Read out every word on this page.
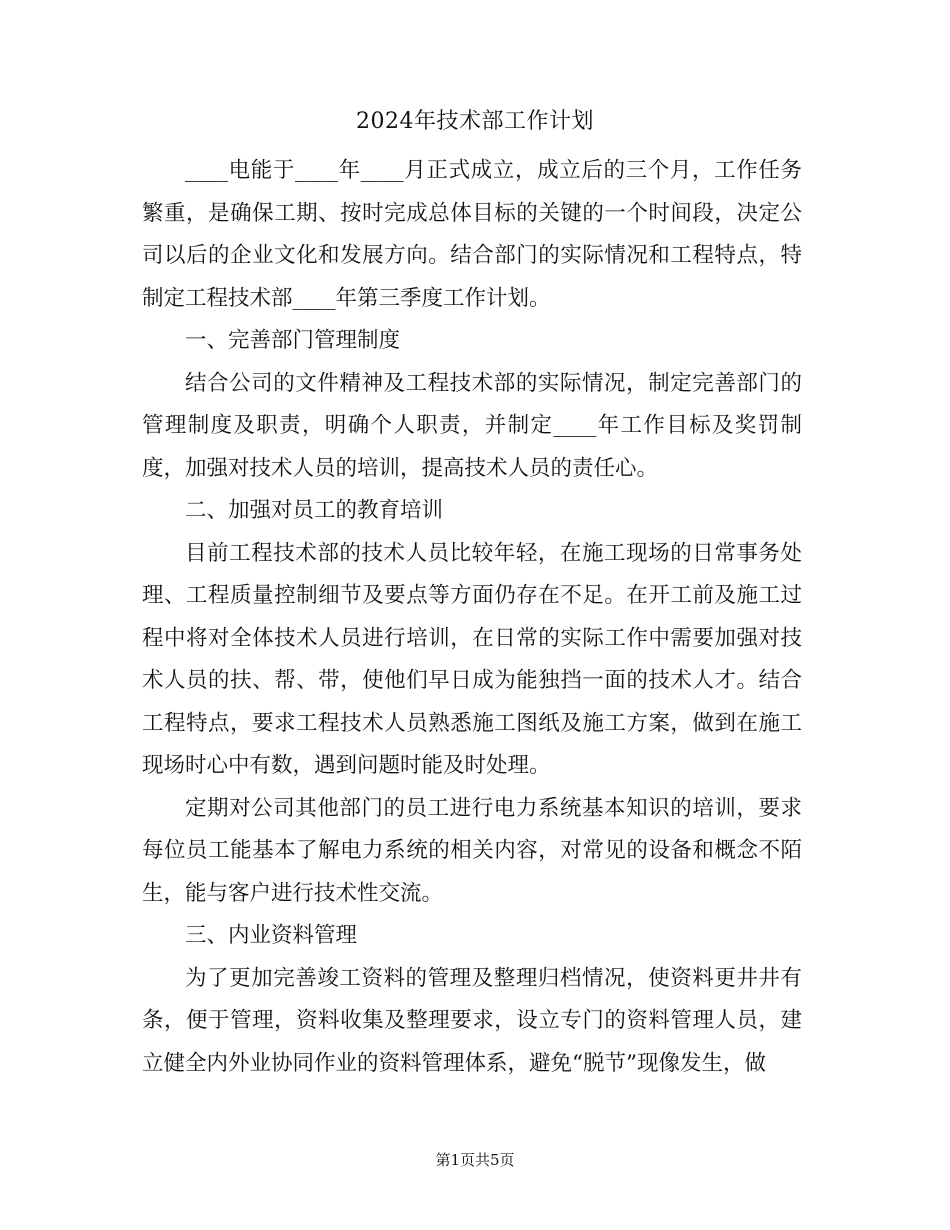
2024年技术部工作计划

____电能于____年____月正式成立，成立后的三个月，工作任务繁重，是确保工期、按时完成总体目标的关键的一个时间段，决定公司以后的企业文化和发展方向。结合部门的实际情况和工程特点，特制定工程技术部____年第三季度工作计划。

一、完善部门管理制度

结合公司的文件精神及工程技术部的实际情况，制定完善部门的管理制度及职责，明确个人职责，并制定____年工作目标及奖罚制度，加强对技术人员的培训，提高技术人员的责任心。

二、加强对员工的教育培训

目前工程技术部的技术人员比较年轻，在施工现场的日常事务处理、工程质量控制细节及要点等方面仍存在不足。在开工前及施工过程中将对全体技术人员进行培训，在日常的实际工作中需要加强对技术人员的扶、帮、带，使他们早日成为能独挡一面的技术人才。结合工程特点，要求工程技术人员熟悉施工图纸及施工方案，做到在施工现场时心中有数，遇到问题时能及时处理。

定期对公司其他部门的员工进行电力系统基本知识的培训，要求每位员工能基本了解电力系统的相关内容，对常见的设备和概念不陌生，能与客户进行技术性交流。

三、内业资料管理

为了更加完善竣工资料的管理及整理归档情况，使资料更井井有条，便于管理，资料收集及整理要求，设立专门的资料管理人员，建立健全内外业协同作业的资料管理体系，避免“脱节”现像发生，做

第1页共5页
